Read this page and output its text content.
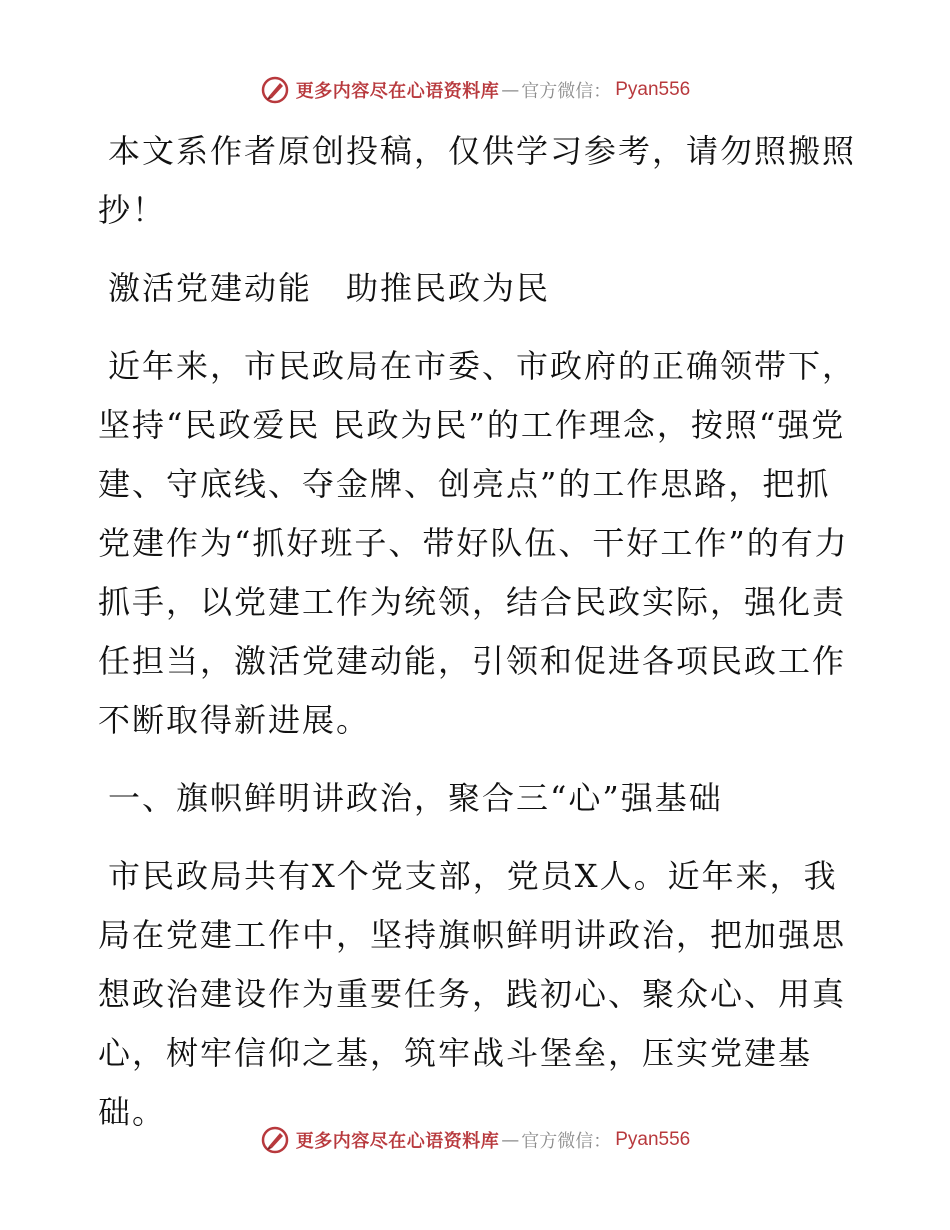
更多内容尽在心语资料库 — 官方微信： Pyan556

本文系作者原创投稿，仅供学习参考，请勿照搬照抄！

激活党建动能　助推民政为民

近年来，市民政局在市委、市政府的正确领带下，坚持“民政爱民 民政为民”的工作理念，按照“强党建、守底线、夺金牌、创亮点”的工作思路，把抓党建作为“抓好班子、带好队伍、干好工作”的有力抓手，以党建工作为统领，结合民政实际，强化责任担当，激活党建动能，引领和促进各项民政工作不断取得新进展。

一、旗帜鲜明讲政治，聚合三“心”强基础

市民政局共有X个党支部，党员X人。近年来，我局在党建工作中，坚持旗帜鲜明讲政治，把加强思想政治建设作为重要任务，践初心、聚众心、用真心，树牢信仰之基，筑牢战斗堡垒，压实党建基础。

更多内容尽在心语资料库 — 官方微信： Pyan556
